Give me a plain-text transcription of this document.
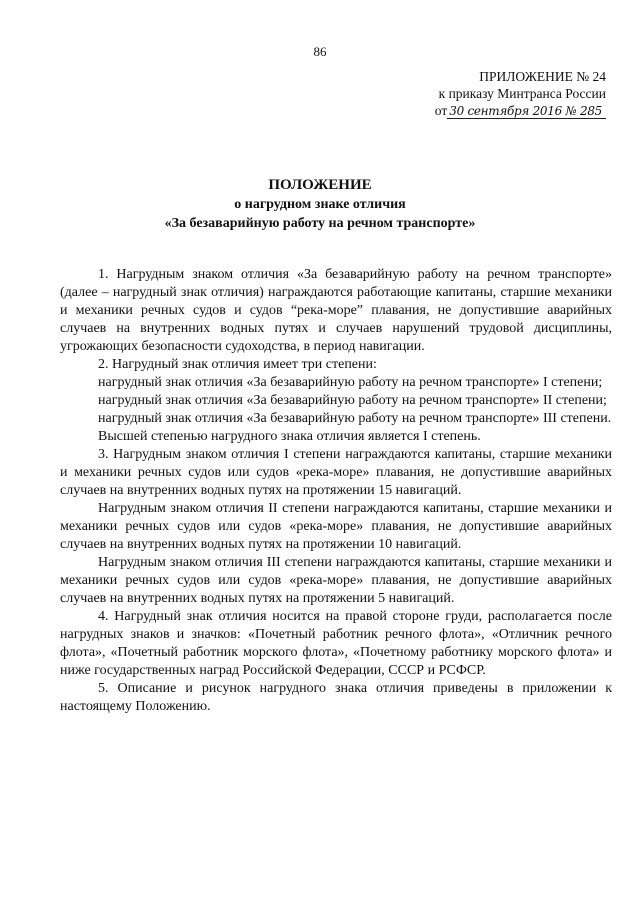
86
ПРИЛОЖЕНИЕ № 24
к приказу Минтранса России
от 30 сентября 2016 № 285
ПОЛОЖЕНИЕ
о нагрудном знаке отличия
«За безаварийную работу на речном транспорте»

1. Нагрудным знаком отличия «За безаварийную работу на речном транспорте» (далее – нагрудный знак отличия) награждаются работающие капитаны, старшие механики и механики речных судов и судов “река-море” плавания, не допустившие аварийных случаев на внутренних водных путях и случаев нарушений трудовой дисциплины, угрожающих безопасности судоходства, в период навигации.

2. Нагрудный знак отличия имеет три степени:

нагрудный знак отличия «За безаварийную работу на речном транспорте» I степени;

нагрудный знак отличия «За безаварийную работу на речном транспорте» II степени;

нагрудный знак отличия «За безаварийную работу на речном транспорте» III степени.

Высшей степенью нагрудного знака отличия является I степень.

3. Нагрудным знаком отличия I степени награждаются капитаны, старшие механики и механики речных судов или судов «река-море» плавания, не допустившие аварийных случаев на внутренних водных путях на протяжении 15 навигаций.

Нагрудным знаком отличия II степени награждаются капитаны, старшие механики и механики речных судов или судов «река-море» плавания, не допустившие аварийных случаев на внутренних водных путях на протяжении 10 навигаций.

Нагрудным знаком отличия III степени награждаются капитаны, старшие механики и механики речных судов или судов «река-море» плавания, не допустившие аварийных случаев на внутренних водных путях на протяжении 5 навигаций.

4. Нагрудный знак отличия носится на правой стороне груди, располагается после нагрудных знаков и значков: «Почетный работник речного флота», «Отличник речного флота», «Почетный работник морского флота», «Почетному работнику морского флота» и ниже государственных наград Российской Федерации, СССР и РСФСР.

5. Описание и рисунок нагрудного знака отличия приведены в приложении к настоящему Положению.
